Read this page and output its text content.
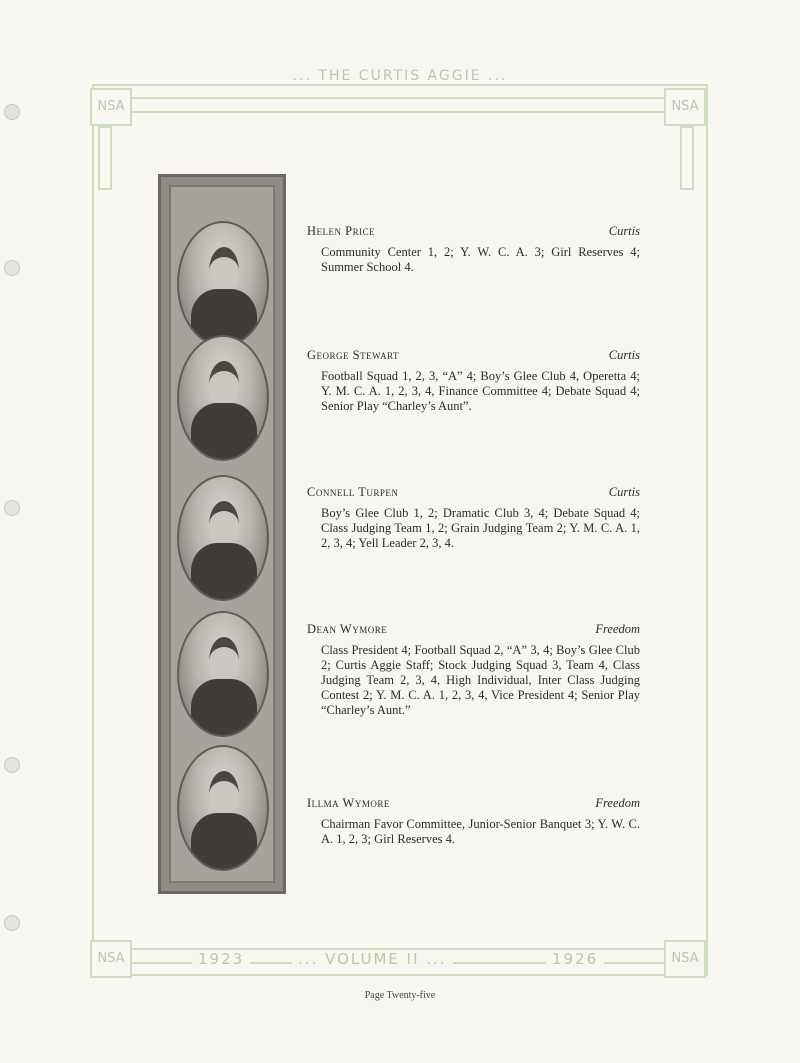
... THE CURTIS AGGIE ...
NSA	NSA
NSA	NSA
1923	... VOLUME II ...	1926
Helen Price	Curtis
Community Center 1, 2; Y. W. C. A. 3; Girl Reserves 4; Summer School 4.
George Stewart	Curtis
Football Squad 1, 2, 3, “A” 4; Boy’s Glee Club 4, Operetta 4; Y. M. C. A. 1, 2, 3, 4, Finance Committee 4; Debate Squad 4; Senior Play “Charley’s Aunt”.
Connell Turpen	Curtis
Boy’s Glee Club 1, 2; Dramatic Club 3, 4; Debate Squad 4; Class Judging Team 1, 2; Grain Judging Team 2; Y. M. C. A. 1, 2, 3, 4; Yell Leader 2, 3, 4.
Dean Wymore	Freedom
Class President 4; Football Squad 2, “A” 3, 4; Boy’s Glee Club 2; Curtis Aggie Staff; Stock Judging Squad 3, Team 4, Class Judging Team 2, 3, 4, High Individual, Inter Class Judging Contest 2; Y. M. C. A. 1, 2, 3, 4, Vice President 4; Senior Play “Charley’s Aunt.”
Illma Wymore	Freedom
Chairman Favor Committee, Junior-Senior Banquet 3; Y. W. C. A. 1, 2, 3; Girl Reserves 4.
Page Twenty-five
